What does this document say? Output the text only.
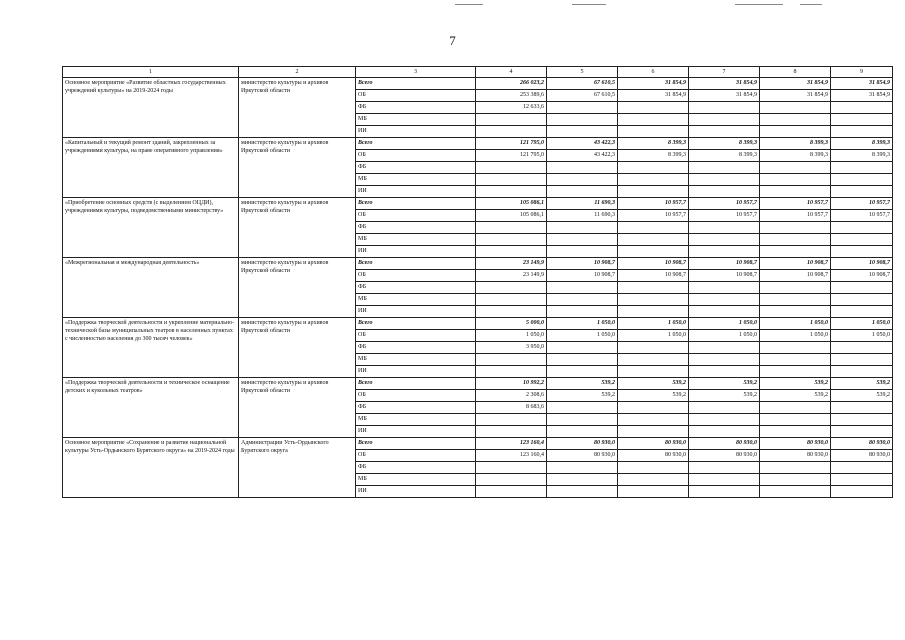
7
1	2	3	4	5	6	7	8	9
Основное мероприятие «Развитие областных государственных учреждений культуры» на 2019-2024 годы	министерство культуры и архивов Иркутской области	Всего	266 023,2	67 610,5	31 854,9	31 854,9	31 854,9	31 854,9
		ОБ	253 389,6	67 610,5	31 854,9	31 854,9	31 854,9	31 854,9
		ФБ	12 633,6					
		МБ						
		ИИ						
«Капитальный и текущий ремонт зданий, закрепленных за учреждениями культуры, на праве оперативного управления»	министерство культуры и архивов Иркутской области	Всего	121 795,0	43 422,3	8 399,3	8 399,3	8 399,3	8 399,3
		ОБ	121 795,0	43 422,3	8 399,3	8 399,3	8 399,3	8 399,3
		ФБ						
		МБ						
		ИИ						
«Приобретение основных средств (с выделением ОЦДИ), учреждениями культуры, подведомственными министерству»	министерство культуры и архивов Иркутской области	Всего	105 086,1	11 690,3	10 957,7	10 957,7	10 957,7	10 957,7
		ОБ	105 086,1	11 690,3	10 957,7	10 957,7	10 957,7	10 957,7
		ФБ						
		МБ						
		ИИ						
«Межрегиональная и международная деятельность»	министерство культуры и архивов Иркутской области	Всего	23 149,9	10 908,7	10 908,7	10 908,7	10 908,7	10 908,7
		ОБ	23 149,9	10 908,7	10 908,7	10 908,7	10 908,7	10 908,7
		ФБ						
		МБ						
		ИИ						
«Поддержка творческой деятельности и укрепление материально-технической базы муниципальных театров в населенных пунктах с численностью населения до 300 тысяч человек»	министерство культуры и архивов Иркутской области	Всего	5 000,0	1 050,0	1 050,0	1 050,0	1 050,0	1 050,0
		ОБ	1 050,0	1 050,0	1 050,0	1 050,0	1 050,0	1 050,0
		ФБ	3 950,0					
		МБ						
		ИИ						
«Поддержка творческой деятельности и техническое оснащение детских и кукольных театров»	министерство культуры и архивов Иркутской области	Всего	10 992,2	539,2	539,2	539,2	539,2	539,2
		ОБ	2 308,6	539,2	539,2	539,2	539,2	539,2
		ФБ	8 683,6					
		МБ						
		ИИ						
Основное мероприятие «Сохранение и развитие национальной культуры Усть-Ордынского Бурятского округа» на 2019-2024 годы	Администрации Усть-Ордынского Бурятского округа	Всего	123 160,4	80 930,0	80 930,0	80 930,0	80 930,0	80 930,0
		ОБ	123 160,4	80 930,0	80 930,0	80 930,0	80 930,0	80 930,0
		ФБ						
		МБ						
		ИИ						
